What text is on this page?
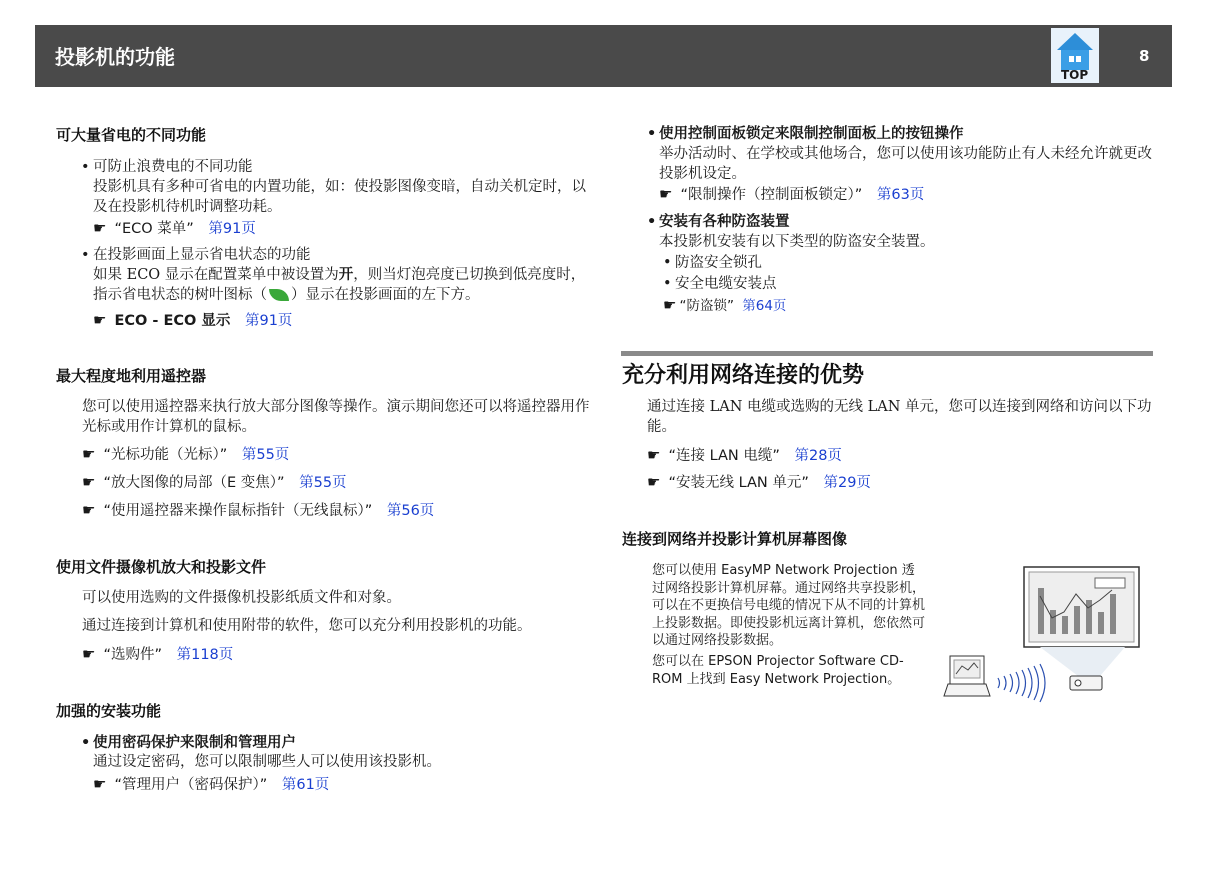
投影机的功能
TOP
8
可大量省电的不同功能
• 可防止浪费电的不同功能
投影机具有多种可省电的内置功能，如：使投影图像变暗，自动关机定时，以及在投影机待机时调整功耗。
☛ “ECO 菜单” 第91页
• 在投影画面上显示省电状态的功能
如果 ECO 显示在配置菜单中被设置为开，则当灯泡亮度已切换到低亮度时，指示省电状态的树叶图标（ ）显示在投影画面的左下方。
☛ ECO - ECO 显示 第91页
最大程度地利用遥控器
您可以使用遥控器来执行放大部分图像等操作。演示期间您还可以将遥控器用作光标或用作计算机的鼠标。
☛ “光标功能（光标）” 第55页
☛ “放大图像的局部（E 变焦）” 第55页
☛ “使用遥控器来操作鼠标指针（无线鼠标）” 第56页
使用文件摄像机放大和投影文件
可以使用选购的文件摄像机投影纸质文件和对象。
通过连接到计算机和使用附带的软件，您可以充分利用投影机的功能。
☛ “选购件” 第118页
加强的安装功能
• 使用密码保护来限制和管理用户
通过设定密码，您可以限制哪些人可以使用该投影机。
☛ “管理用户（密码保护）” 第61页
• 使用控制面板锁定来限制控制面板上的按钮操作
举办活动时、在学校或其他场合，您可以使用该功能防止有人未经允许就更改投影机设定。
☛ “限制操作（控制面板锁定）” 第63页
• 安装有各种防盗装置
本投影机安装有以下类型的防盗安全装置。
• 防盗安全锁孔
• 安全电缆安装点
☛ “防盗锁” 第64页
充分利用网络连接的优势
通过连接 LAN 电缆或选购的无线 LAN 单元，您可以连接到网络和访问以下功能。
☛ “连接 LAN 电缆” 第28页
☛ “安装无线 LAN 单元” 第29页
连接到网络并投影计算机屏幕图像
您可以使用 EasyMP Network Projection 透过网络投影计算机屏幕。通过网络共享投影机，可以在不更换信号电缆的情况下从不同的计算机上投影数据。即使投影机远离计算机，您依然可以通过网络投影数据。
您可以在 EPSON Projector Software CD-ROM 上找到 Easy Network Projection。
